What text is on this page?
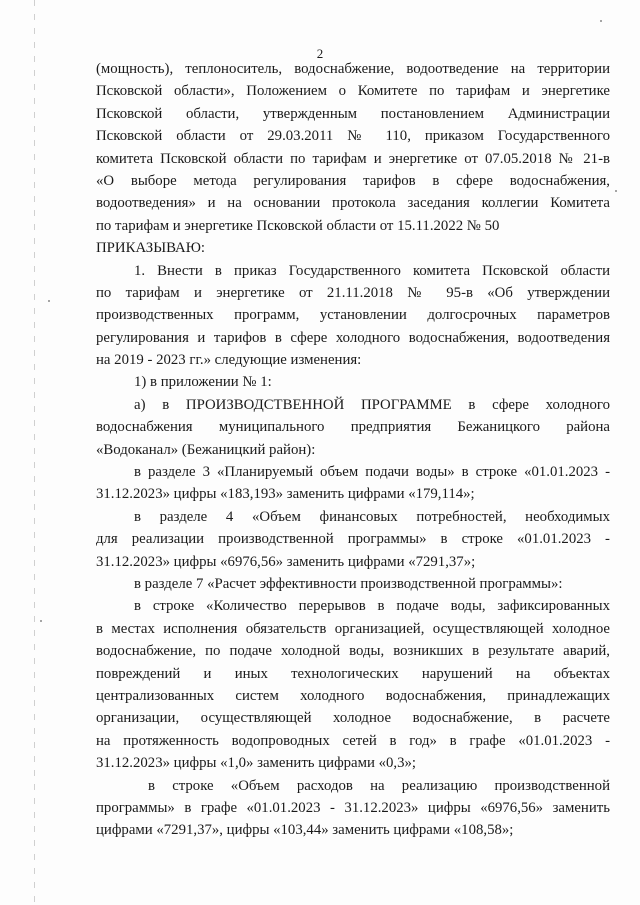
2
(мощность), теплоноситель, водоснабжение, водоотведение на территории
Псковской области», Положением о Комитете по тарифам и энергетике
Псковской области, утвержденным постановлением Администрации
Псковской области от 29.03.2011 № 110, приказом Государственного
комитета Псковской области по тарифам и энергетике от 07.05.2018 № 21-в
«О выборе метода регулирования тарифов в сфере водоснабжения,
водоотведения» и на основании протокола заседания коллегии Комитета
по тарифам и энергетике Псковской области от 15.11.2022 № 50
ПРИКАЗЫВАЮ:
1. Внести в приказ Государственного комитета Псковской области
по тарифам и энергетике от 21.11.2018 № 95-в «Об утверждении
производственных программ, установлении долгосрочных параметров
регулирования и тарифов в сфере холодного водоснабжения, водоотведения
на 2019 - 2023 гг.» следующие изменения:
1) в приложении № 1:
а) в ПРОИЗВОДСТВЕННОЙ ПРОГРАММЕ в сфере холодного
водоснабжения муниципального предприятия Бежаницкого района
«Водоканал» (Бежаницкий район):
в разделе 3 «Планируемый объем подачи воды» в строке «01.01.2023 -
31.12.2023» цифры «183,193» заменить цифрами «179,114»;
в разделе 4 «Объем финансовых потребностей, необходимых
для реализации производственной программы» в строке «01.01.2023 -
31.12.2023» цифры «6976,56» заменить цифрами «7291,37»;
в разделе 7 «Расчет эффективности производственной программы»:
в строке «Количество перерывов в подаче воды, зафиксированных
в местах исполнения обязательств организацией, осуществляющей холодное
водоснабжение, по подаче холодной воды, возникших в результате аварий,
повреждений и иных технологических нарушений на объектах
централизованных систем холодного водоснабжения, принадлежащих
организации, осуществляющей холодное водоснабжение, в расчете
на протяженность водопроводных сетей в год» в графе «01.01.2023 -
31.12.2023» цифры «1,0» заменить цифрами «0,3»;
в строке «Объем расходов на реализацию производственной
программы» в графе «01.01.2023 - 31.12.2023» цифры «6976,56» заменить
цифрами «7291,37», цифры «103,44» заменить цифрами «108,58»;
